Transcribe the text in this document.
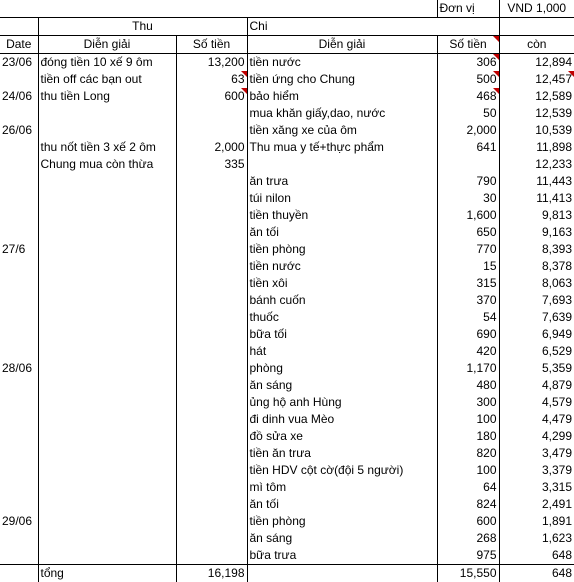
				Đơn vị	VND 1,000
	Thu		Chi		
Date	Diễn giải	Số tiền	Diễn giải	Số tiền	còn
23/06	đóng tiền 10 xế 9 ôm	13,200	tiền nước	306	12,894
	tiền off các bạn out	63	tiền ứng cho Chung	500	12,457
24/06	thu tiền Long	600	bảo hiểm	468	12,589
			mua khăn giấy,dao, nước	50	12,539
26/06			tiền xăng xe của ôm	2,000	10,539
	thu nốt tiền 3 xế 2 ôm	2,000	Thu mua y tế+thực phẩm	641	11,898
	Chung mua còn thừa	335			12,233
			ăn trưa	790	11,443
			túi nilon	30	11,413
			tiền thuyền	1,600	9,813
			ăn tối	650	9,163
27/6			tiền phòng	770	8,393
			tiền nước	15	8,378
			tiền xôi	315	8,063
			bánh cuốn	370	7,693
			thuốc	54	7,639
			bữa tối	690	6,949
			hát	420	6,529
28/06			phòng	1,170	5,359
			ăn sáng	480	4,879
			ủng hộ anh Hùng	300	4,579
			đi dinh vua Mèo	100	4,479
			đồ sửa xe	180	4,299
			tiền ăn trưa	820	3,479
			tiền HDV cột cờ(đội 5 người)	100	3,379
			mì tôm	64	3,315
			ăn tối	824	2,491
29/06			tiền phòng	600	1,891
			ăn sáng	268	1,623
			bữa trưa	975	648
	tổng	16,198		15,550	648
